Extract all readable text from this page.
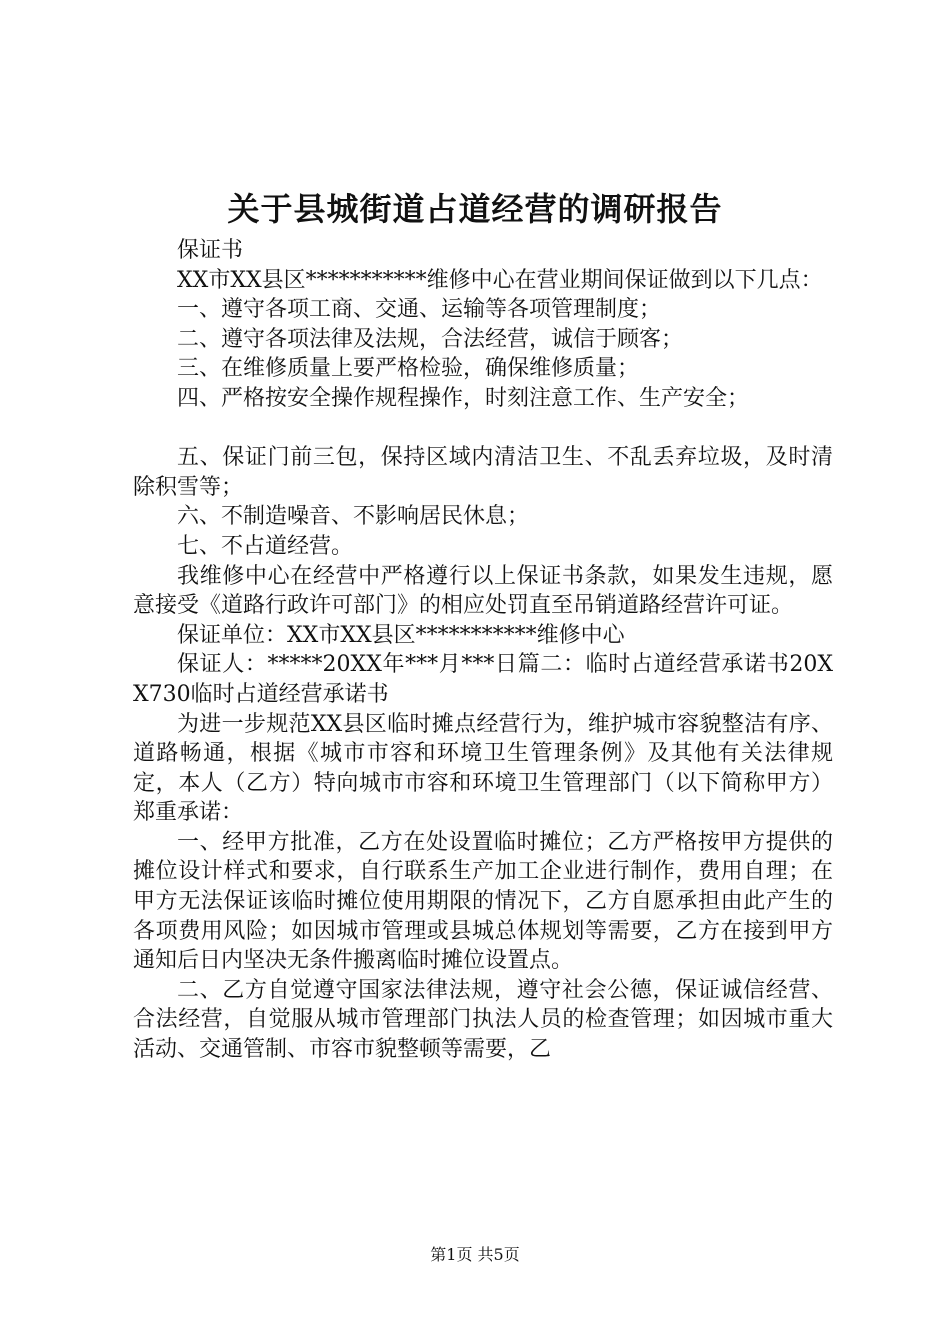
关于县城街道占道经营的调研报告

保证书

XX市XX县区***********维修中心在营业期间保证做到以下几点：

一、遵守各项工商、交通、运输等各项管理制度；

二、遵守各项法律及法规，合法经营，诚信于顾客；

三、在维修质量上要严格检验，确保维修质量；

四、严格按安全操作规程操作，时刻注意工作、生产安全；

五、保证门前三包，保持区域内清洁卫生、不乱丢弃垃圾，及时清除积雪等；

六、不制造噪音、不影响居民休息；

七、不占道经营。

我维修中心在经营中严格遵行以上保证书条款，如果发生违规，愿意接受《道路行政许可部门》的相应处罚直至吊销道路经营许可证。

保证单位：XX市XX县区***********维修中心

保证人：*****20XX年***月***日篇二：临时占道经营承诺书20XX730临时占道经营承诺书

为进一步规范XX县区临时摊点经营行为，维护城市容貌整洁有序、道路畅通，根据《城市市容和环境卫生管理条例》及其他有关法律规定，本人（乙方）特向城市市容和环境卫生管理部门（以下简称甲方）郑重承诺：

一、经甲方批准，乙方在处设置临时摊位；乙方严格按甲方提供的摊位设计样式和要求，自行联系生产加工企业进行制作，费用自理；在甲方无法保证该临时摊位使用期限的情况下，乙方自愿承担由此产生的各项费用风险；如因城市管理或县城总体规划等需要，乙方在接到甲方通知后日内坚决无条件搬离临时摊位设置点。

二、乙方自觉遵守国家法律法规，遵守社会公德，保证诚信经营、合法经营，自觉服从城市管理部门执法人员的检查管理；如因城市重大活动、交通管制、市容市貌整顿等需要，乙

第1页 共5页
